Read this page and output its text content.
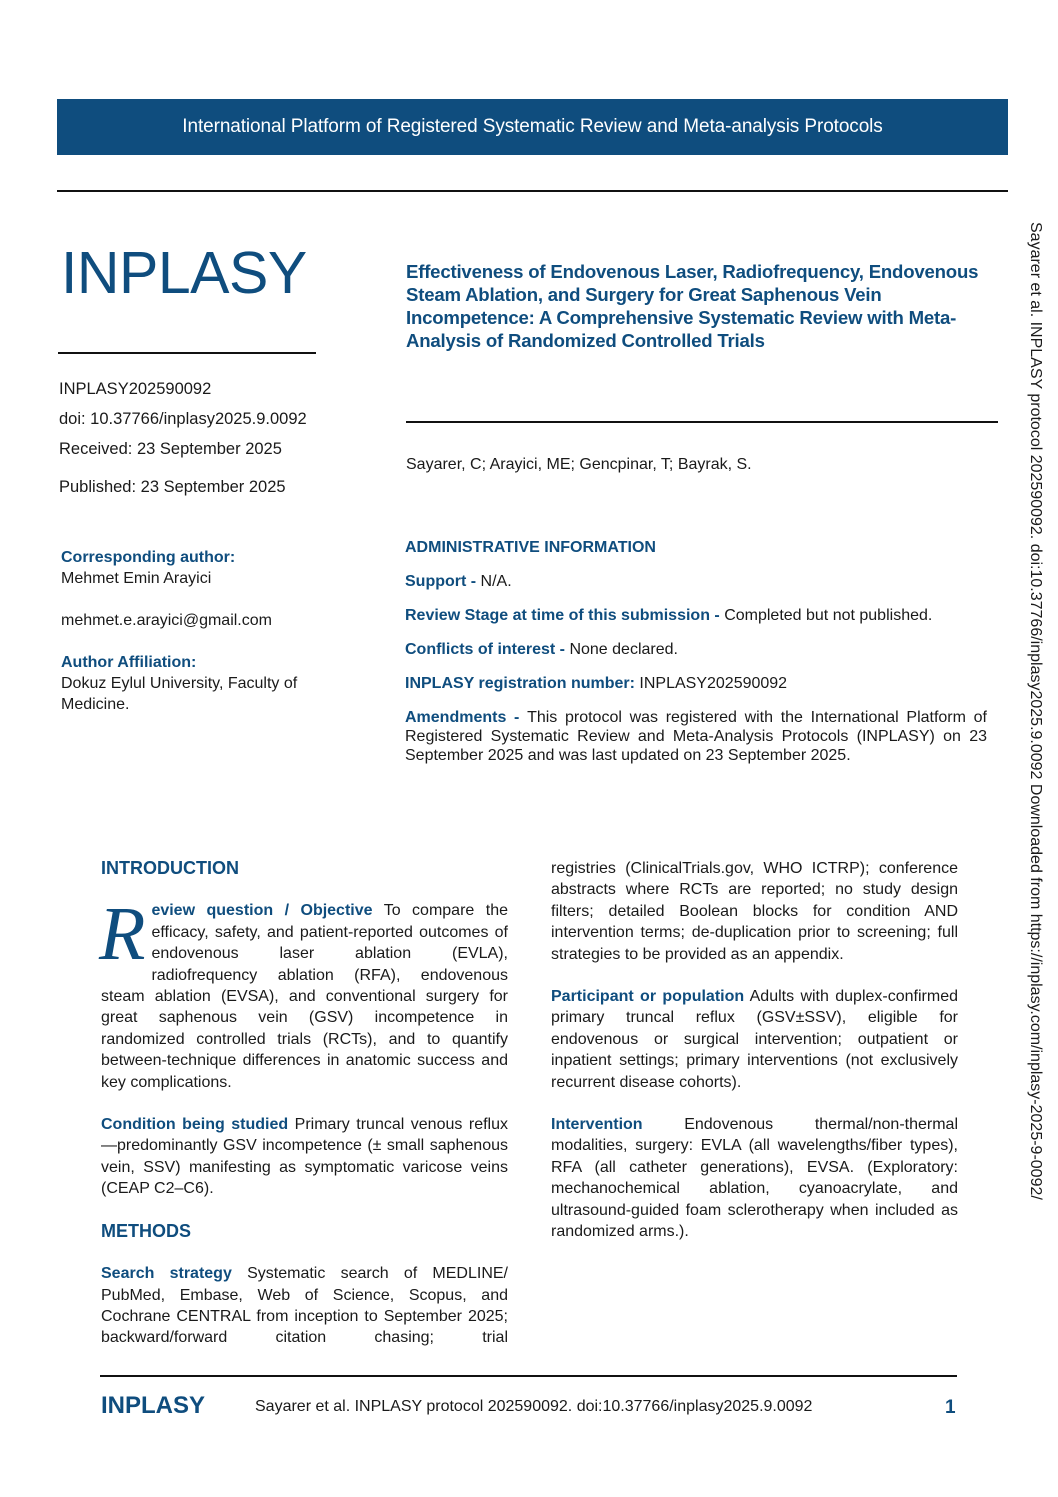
International Platform of Registered Systematic Review and Meta-analysis Protocols
INPLASY	Effectiveness of Endovenous Laser, Radiofrequency, Endovenous Steam Ablation, and Surgery for Great Saphenous Vein Incompetence: A Comprehensive Systematic Review with Meta-Analysis of Randomized Controlled Trials
Sayarer, C; Arayici, ME; Gencpinar, T; Bayrak, S.
INPLASY202590092
doi: 10.37766/inplasy2025.9.0092
Received: 23 September 2025
Published: 23 September 2025
Corresponding author:
Mehmet Emin Arayici
mehmet.e.arayici@gmail.com
Author Affiliation:
Dokuz Eylul University, Faculty of Medicine.
ADMINISTRATIVE INFORMATION

Support - N/A.

Review Stage at time of this submission - Completed but not published.

Conflicts of interest - None declared.

INPLASY registration number: INPLASY202590092

Amendments - This protocol was registered with the International Platform of Registered Systematic Review and Meta-Analysis Protocols (INPLASY) on 23 September 2025 and was last updated on 23 September 2025.

INTRODUCTION

Review question / Objective To compare the efficacy, safety, and patient-reported outcomes of endovenous laser ablation (EVLA), radiofrequency ablation (RFA), endovenous steam ablation (EVSA), and conventional surgery for great saphenous vein (GSV) incompetence in randomized controlled trials (RCTs), and to quantify between-technique differences in anatomic success and key complications.

Condition being studied Primary truncal venous reflux—predominantly GSV incompetence (± small saphenous vein, SSV) manifesting as symptomatic varicose veins (CEAP C2–C6).

METHODS

Search strategy Systematic search of MEDLINE/ PubMed, Embase, Web of Science, Scopus, and Cochrane CENTRAL from inception to September 2025; backward/forward citation chasing; trial

registries (ClinicalTrials.gov, WHO ICTRP); conference abstracts where RCTs are reported; no study design filters; detailed Boolean blocks for condition AND intervention terms; de-duplication prior to screening; full strategies to be provided as an appendix.

Participant or population Adults with duplex-confirmed primary truncal reflux (GSV±SSV), eligible for endovenous or surgical intervention; outpatient or inpatient settings; primary interventions (not exclusively recurrent disease cohorts).

Intervention Endovenous thermal/non-thermal modalities, surgery: EVLA (all wavelengths/fiber types), RFA (all catheter generations), EVSA. (Exploratory: mechanochemical ablation, cyanoacrylate, and ultrasound-guided foam sclerotherapy when included as randomized arms.).

INPLASY	Sayarer et al. INPLASY protocol 202590092. doi:10.37766/inplasy2025.9.0092	1
Sayarer et al. INPLASY protocol 202590092. doi:10.37766/inplasy2025.9.0092 Downloaded from https://inplasy.com/inplasy-2025-9-0092/
